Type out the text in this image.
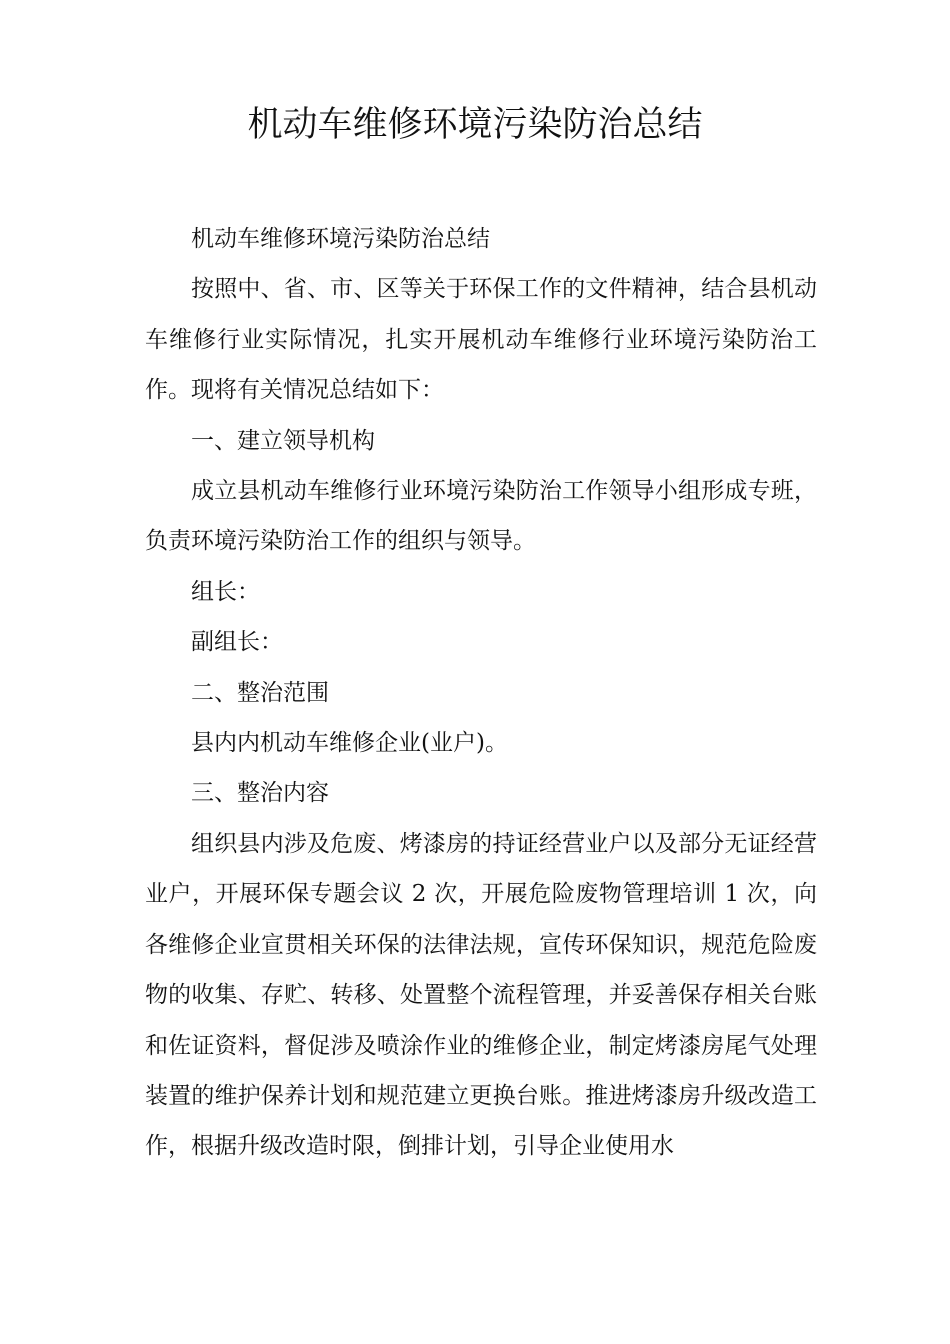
机动车维修环境污染防治总结

机动车维修环境污染防治总结

按照中、省、市、区等关于环保工作的文件精神，结合县机动车维修行业实际情况，扎实开展机动车维修行业环境污染防治工作。现将有关情况总结如下：

一、建立领导机构

成立县机动车维修行业环境污染防治工作领导小组形成专班，负责环境污染防治工作的组织与领导。

组长：

副组长：

二、整治范围

县内内机动车维修企业(业户)。

三、整治内容

组织县内涉及危废、烤漆房的持证经营业户以及部分无证经营业户，开展环保专题会议 2 次，开展危险废物管理培训 1 次，向各维修企业宣贯相关环保的法律法规，宣传环保知识，规范危险废物的收集、存贮、转移、处置整个流程管理，并妥善保存相关台账和佐证资料，督促涉及喷涂作业的维修企业，制定烤漆房尾气处理装置的维护保养计划和规范建立更换台账。推进烤漆房升级改造工作，根据升级改造时限，倒排计划，引导企业使用水
